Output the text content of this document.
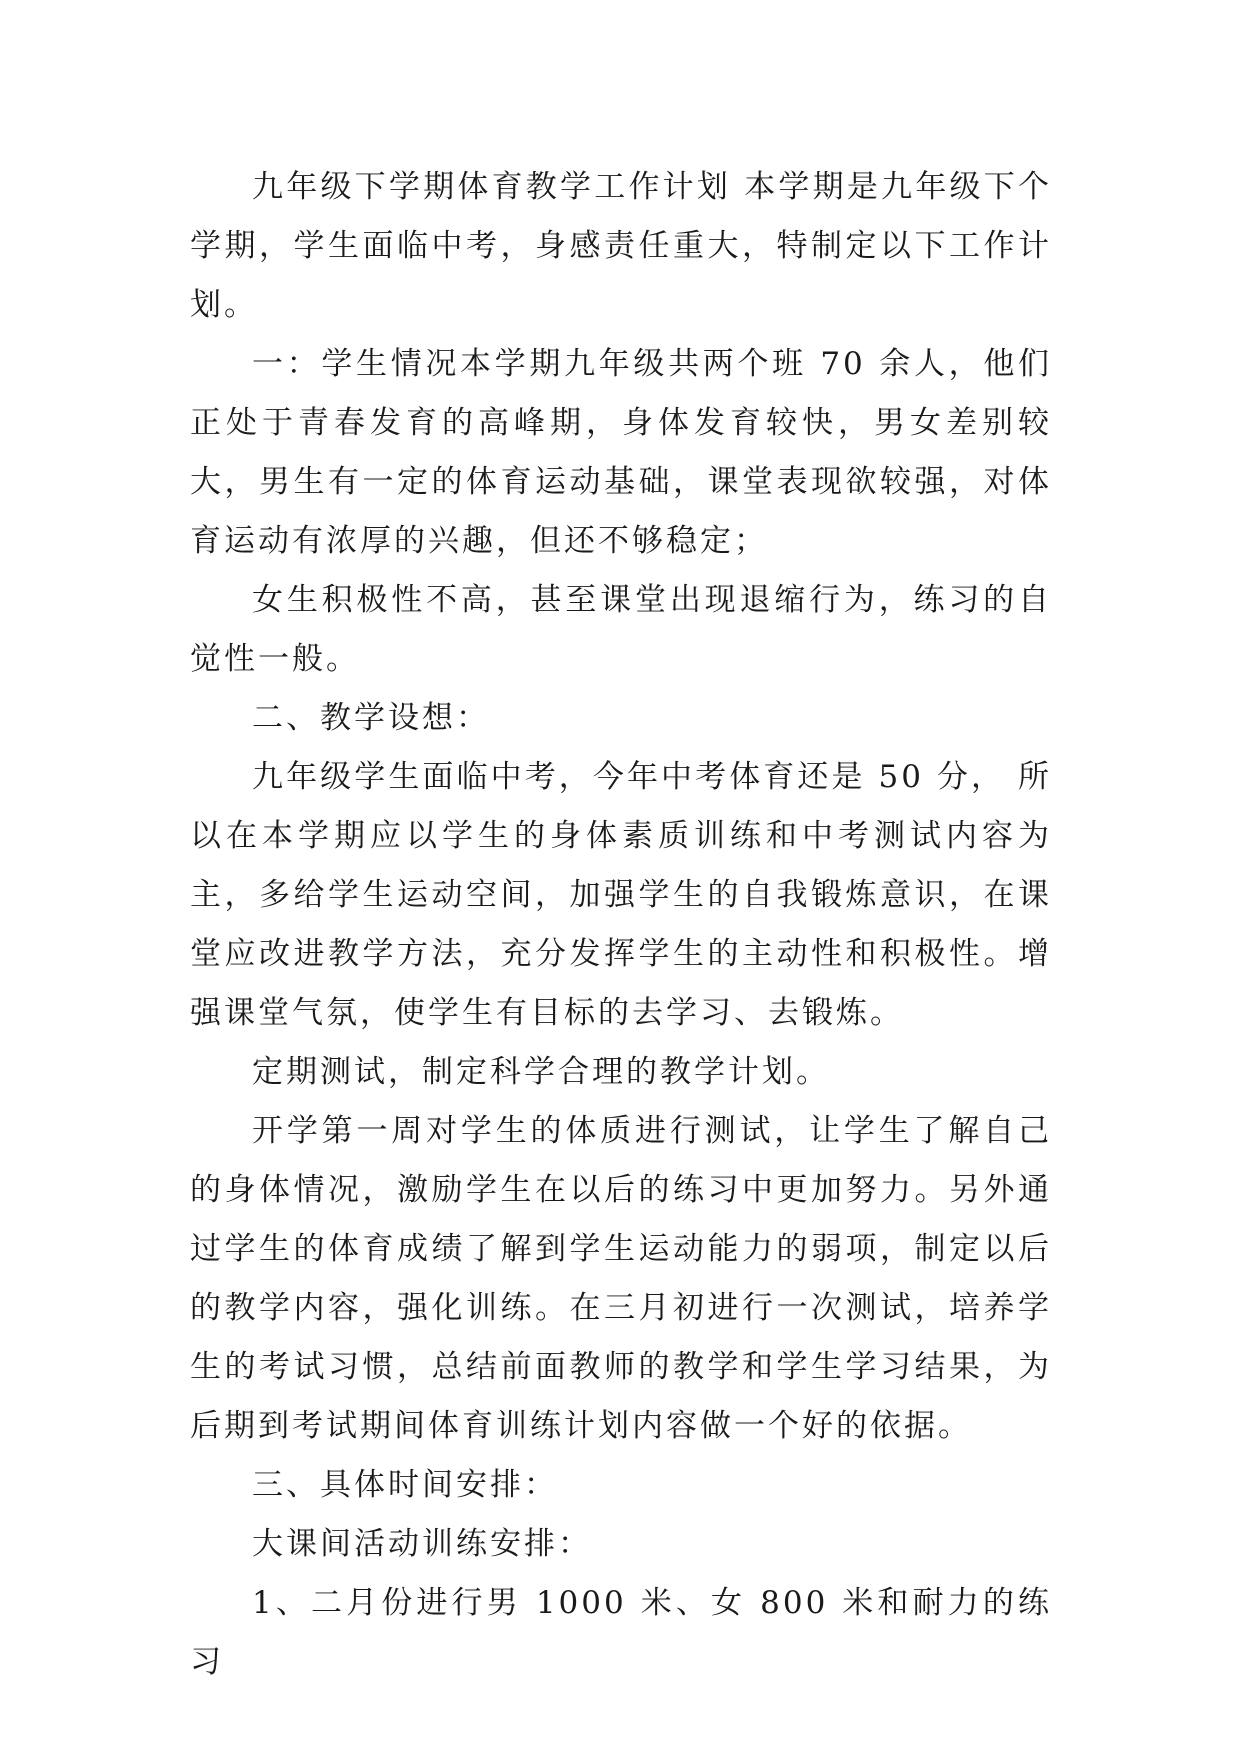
九年级下学期体育教学工作计划 本学期是九年级下个学期，学生面临中考，身感责任重大，特制定以下工作计划。

一：学生情况本学期九年级共两个班 70 余人，他们正处于青春发育的高峰期，身体发育较快，男女差别较大，男生有一定的体育运动基础，课堂表现欲较强，对体育运动有浓厚的兴趣，但还不够稳定；

女生积极性不高，甚至课堂出现退缩行为，练习的自觉性一般。

二、教学设想：

九年级学生面临中考，今年中考体育还是 50 分， 所以在本学期应以学生的身体素质训练和中考测试内容为主，多给学生运动空间，加强学生的自我锻炼意识，在课堂应改进教学方法，充分发挥学生的主动性和积极性。增强课堂气氛，使学生有目标的去学习、去锻炼。

定期测试，制定科学合理的教学计划。

开学第一周对学生的体质进行测试，让学生了解自己的身体情况，激励学生在以后的练习中更加努力。另外通过学生的体育成绩了解到学生运动能力的弱项，制定以后的教学内容，强化训练。在三月初进行一次测试，培养学生的考试习惯，总结前面教师的教学和学生学习结果，为后期到考试期间体育训练计划内容做一个好的依据。

三、具体时间安排：

大课间活动训练安排：

1、二月份进行男 1000 米、女 800 米和耐力的练习
